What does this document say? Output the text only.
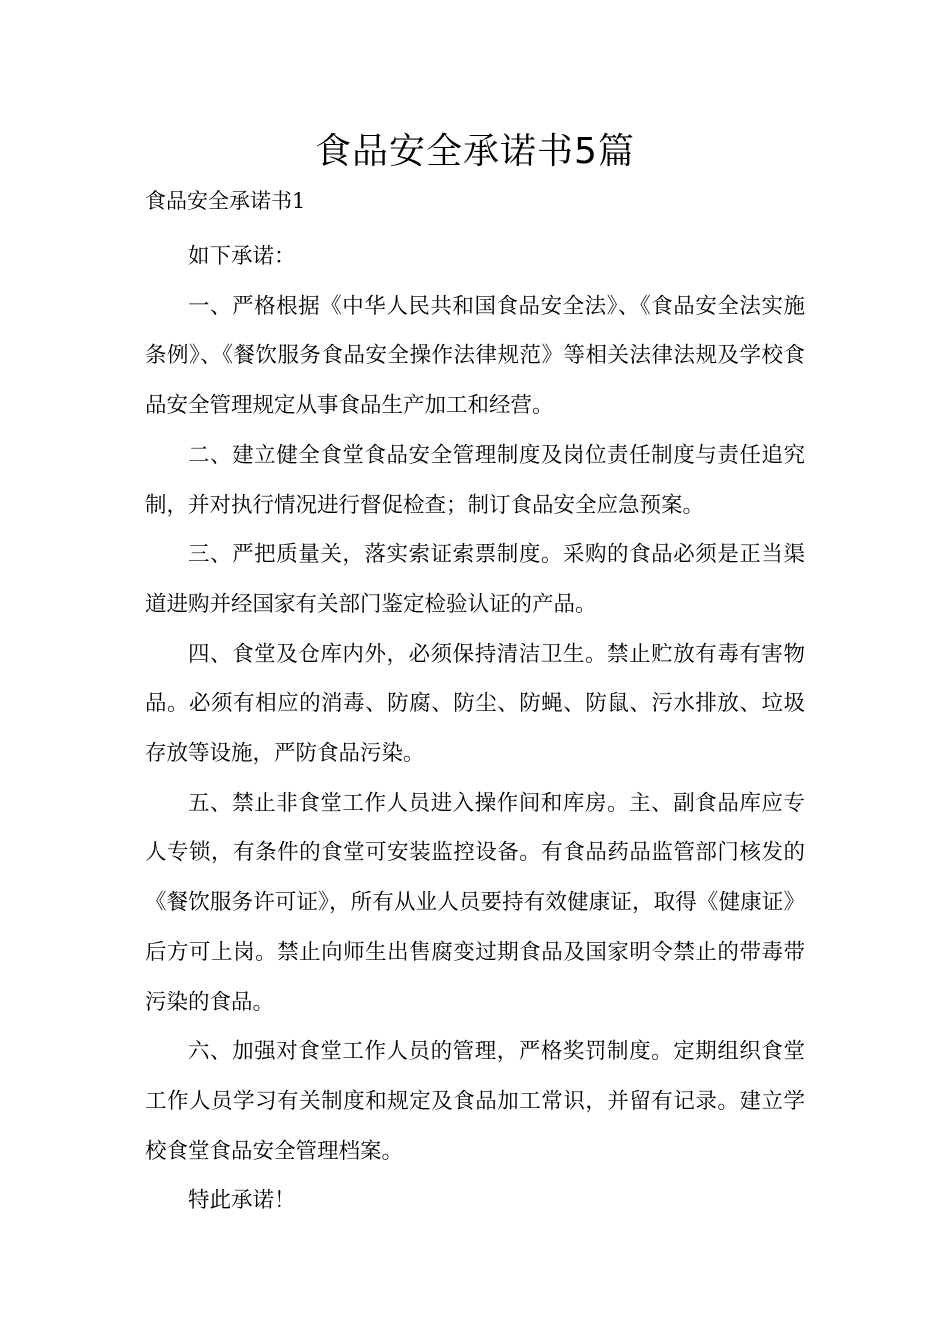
食品安全承诺书5篇
食品安全承诺书1

如下承诺：

一、严格根据《中华人民共和国食品安全法》、《食品安全法实施条例》、《餐饮服务食品安全操作法律规范》等相关法律法规及学校食品安全管理规定从事食品生产加工和经营。

二、建立健全食堂食品安全管理制度及岗位责任制度与责任追究制，并对执行情况进行督促检查；制订食品安全应急预案。

三、严把质量关，落实索证索票制度。采购的食品必须是正当渠道进购并经国家有关部门鉴定检验认证的产品。

四、食堂及仓库内外，必须保持清洁卫生。禁止贮放有毒有害物品。必须有相应的消毒、防腐、防尘、防蝇、防鼠、污水排放、垃圾存放等设施，严防食品污染。

五、禁止非食堂工作人员进入操作间和库房。主、副食品库应专人专锁，有条件的食堂可安装监控设备。有食品药品监管部门核发的《餐饮服务许可证》，所有从业人员要持有效健康证，取得《健康证》后方可上岗。禁止向师生出售腐变过期食品及国家明令禁止的带毒带污染的食品。

六、加强对食堂工作人员的管理，严格奖罚制度。定期组织食堂工作人员学习有关制度和规定及食品加工常识，并留有记录。建立学校食堂食品安全管理档案。

特此承诺！
